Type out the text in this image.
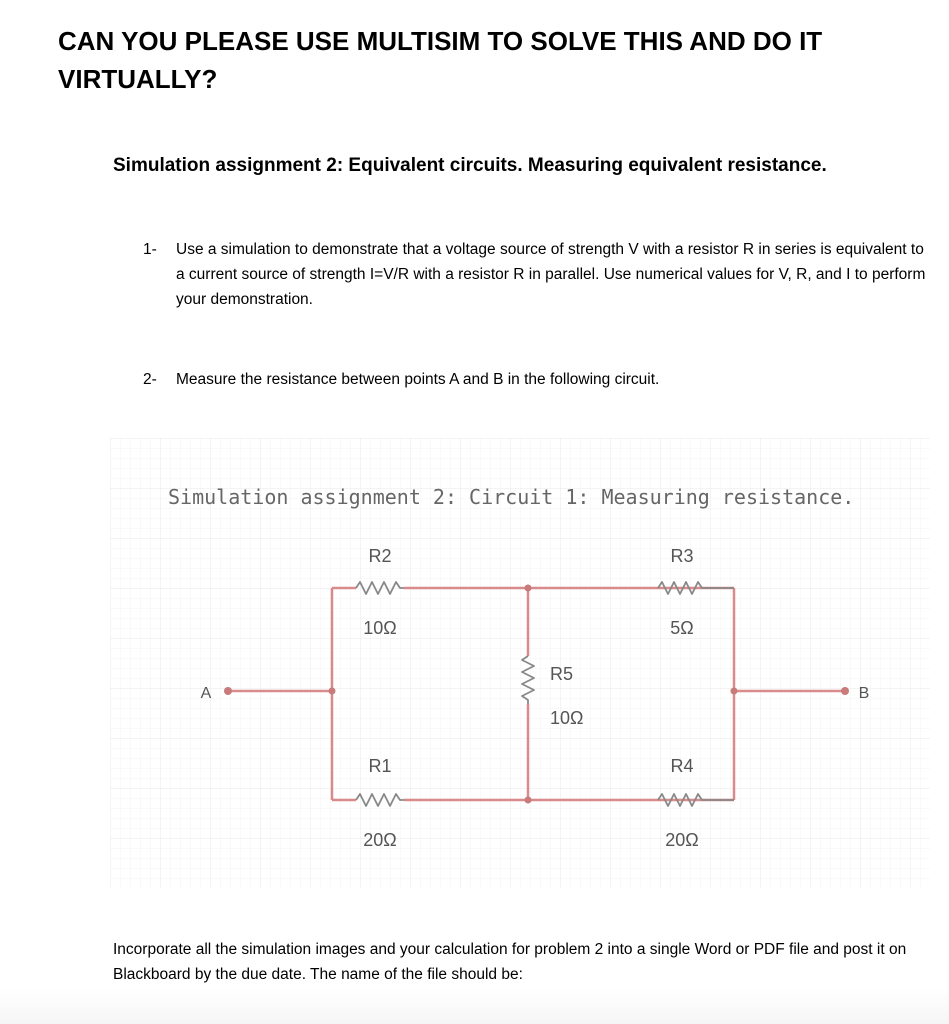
CAN YOU PLEASE USE MULTISIM TO SOLVE THIS AND DO IT VIRTUALLY?
Simulation assignment 2: Equivalent circuits. Measuring equivalent resistance.
1- Use a simulation to demonstrate that a voltage source of strength V with a resistor R in series is equivalent to a current source of strength I=V/R with a resistor R in parallel. Use numerical values for V, R, and I to perform your demonstration.
2- Measure the resistance between points A and B in the following circuit.
Simulation assignment 2: Circuit 1: Measuring resistance.
R2
10Ω
R3
5Ω
R5
10Ω
R1
20Ω
R4
20Ω
A	B

Incorporate all the simulation images and your calculation for problem 2 into a single Word or PDF file and post it on Blackboard by the due date. The name of the file should be:
